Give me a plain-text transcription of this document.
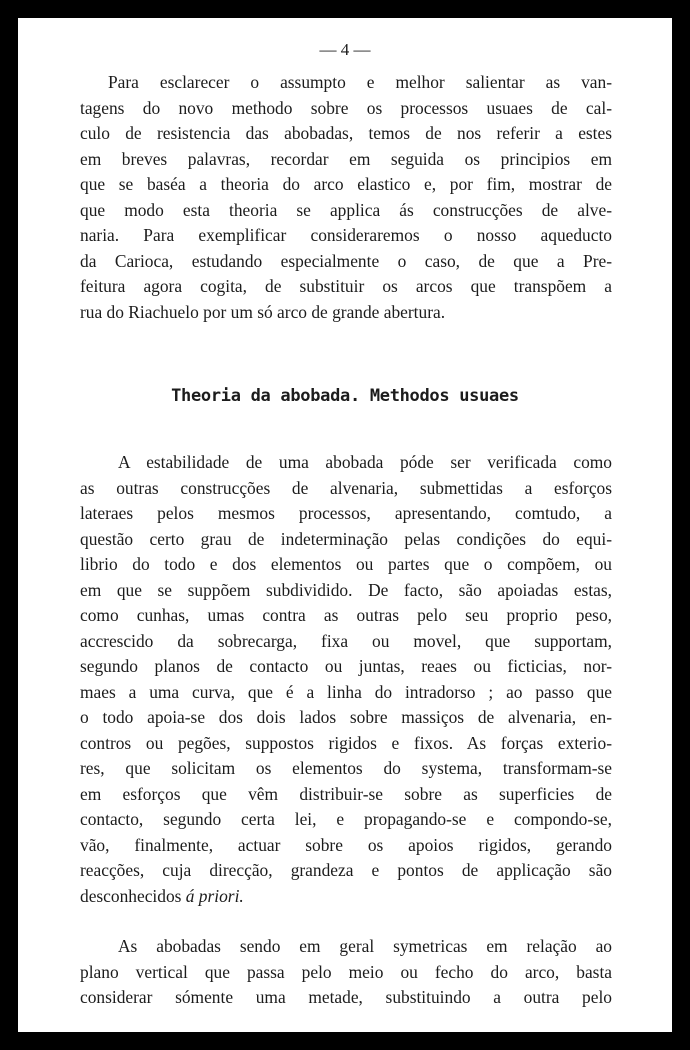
— 4 —
Para esclarecer o assumpto e melhor salientar as van-
tagens do novo methodo sobre os processos usuaes de cal-
culo de resistencia das abobadas, temos de nos referir a estes
em breves palavras, recordar em seguida os principios em
que se baséa a theoria do arco elastico e, por fim, mostrar de
que modo esta theoria se applica ás construcções de alve-
naria. Para exemplificar consideraremos o nosso aqueducto
da Carioca, estudando especialmente o caso, de que a Pre-
feitura agora cogita, de substituir os arcos que transpõem a
rua do Riachuelo por um só arco de grande abertura.
Theoria da abobada. Methodos usuaes
A estabilidade de uma abobada póde ser verificada como
as outras construcções de alvenaria, submettidas a esforços
lateraes pelos mesmos processos, apresentando, comtudo, a
questão certo grau de indeterminação pelas condições do equi-
librio do todo e dos elementos ou partes que o compõem, ou
em que se suppõem subdividido. De facto, são apoiadas estas,
como cunhas, umas contra as outras pelo seu proprio peso,
accrescido da sobrecarga, fixa ou movel, que supportam,
segundo planos de contacto ou juntas, reaes ou ficticias, nor-
maes a uma curva, que é a linha do intradorso ; ao passo que
o todo apoia-se dos dois lados sobre massiços de alvenaria, en-
contros ou pegões, suppostos rigidos e fixos. As forças exterio-
res, que solicitam os elementos do systema, transformam-se
em esforços que vêm distribuir-se sobre as superficies de
contacto, segundo certa lei, e propagando-se e compondo-se,
vão, finalmente, actuar sobre os apoios rigidos, gerando
reacções, cuja direcção, grandeza e pontos de applicação são
desconhecidos á priori.
As abobadas sendo em geral symetricas em relação ao
plano vertical que passa pelo meio ou fecho do arco, basta
considerar sómente uma metade, substituindo a outra pelo
